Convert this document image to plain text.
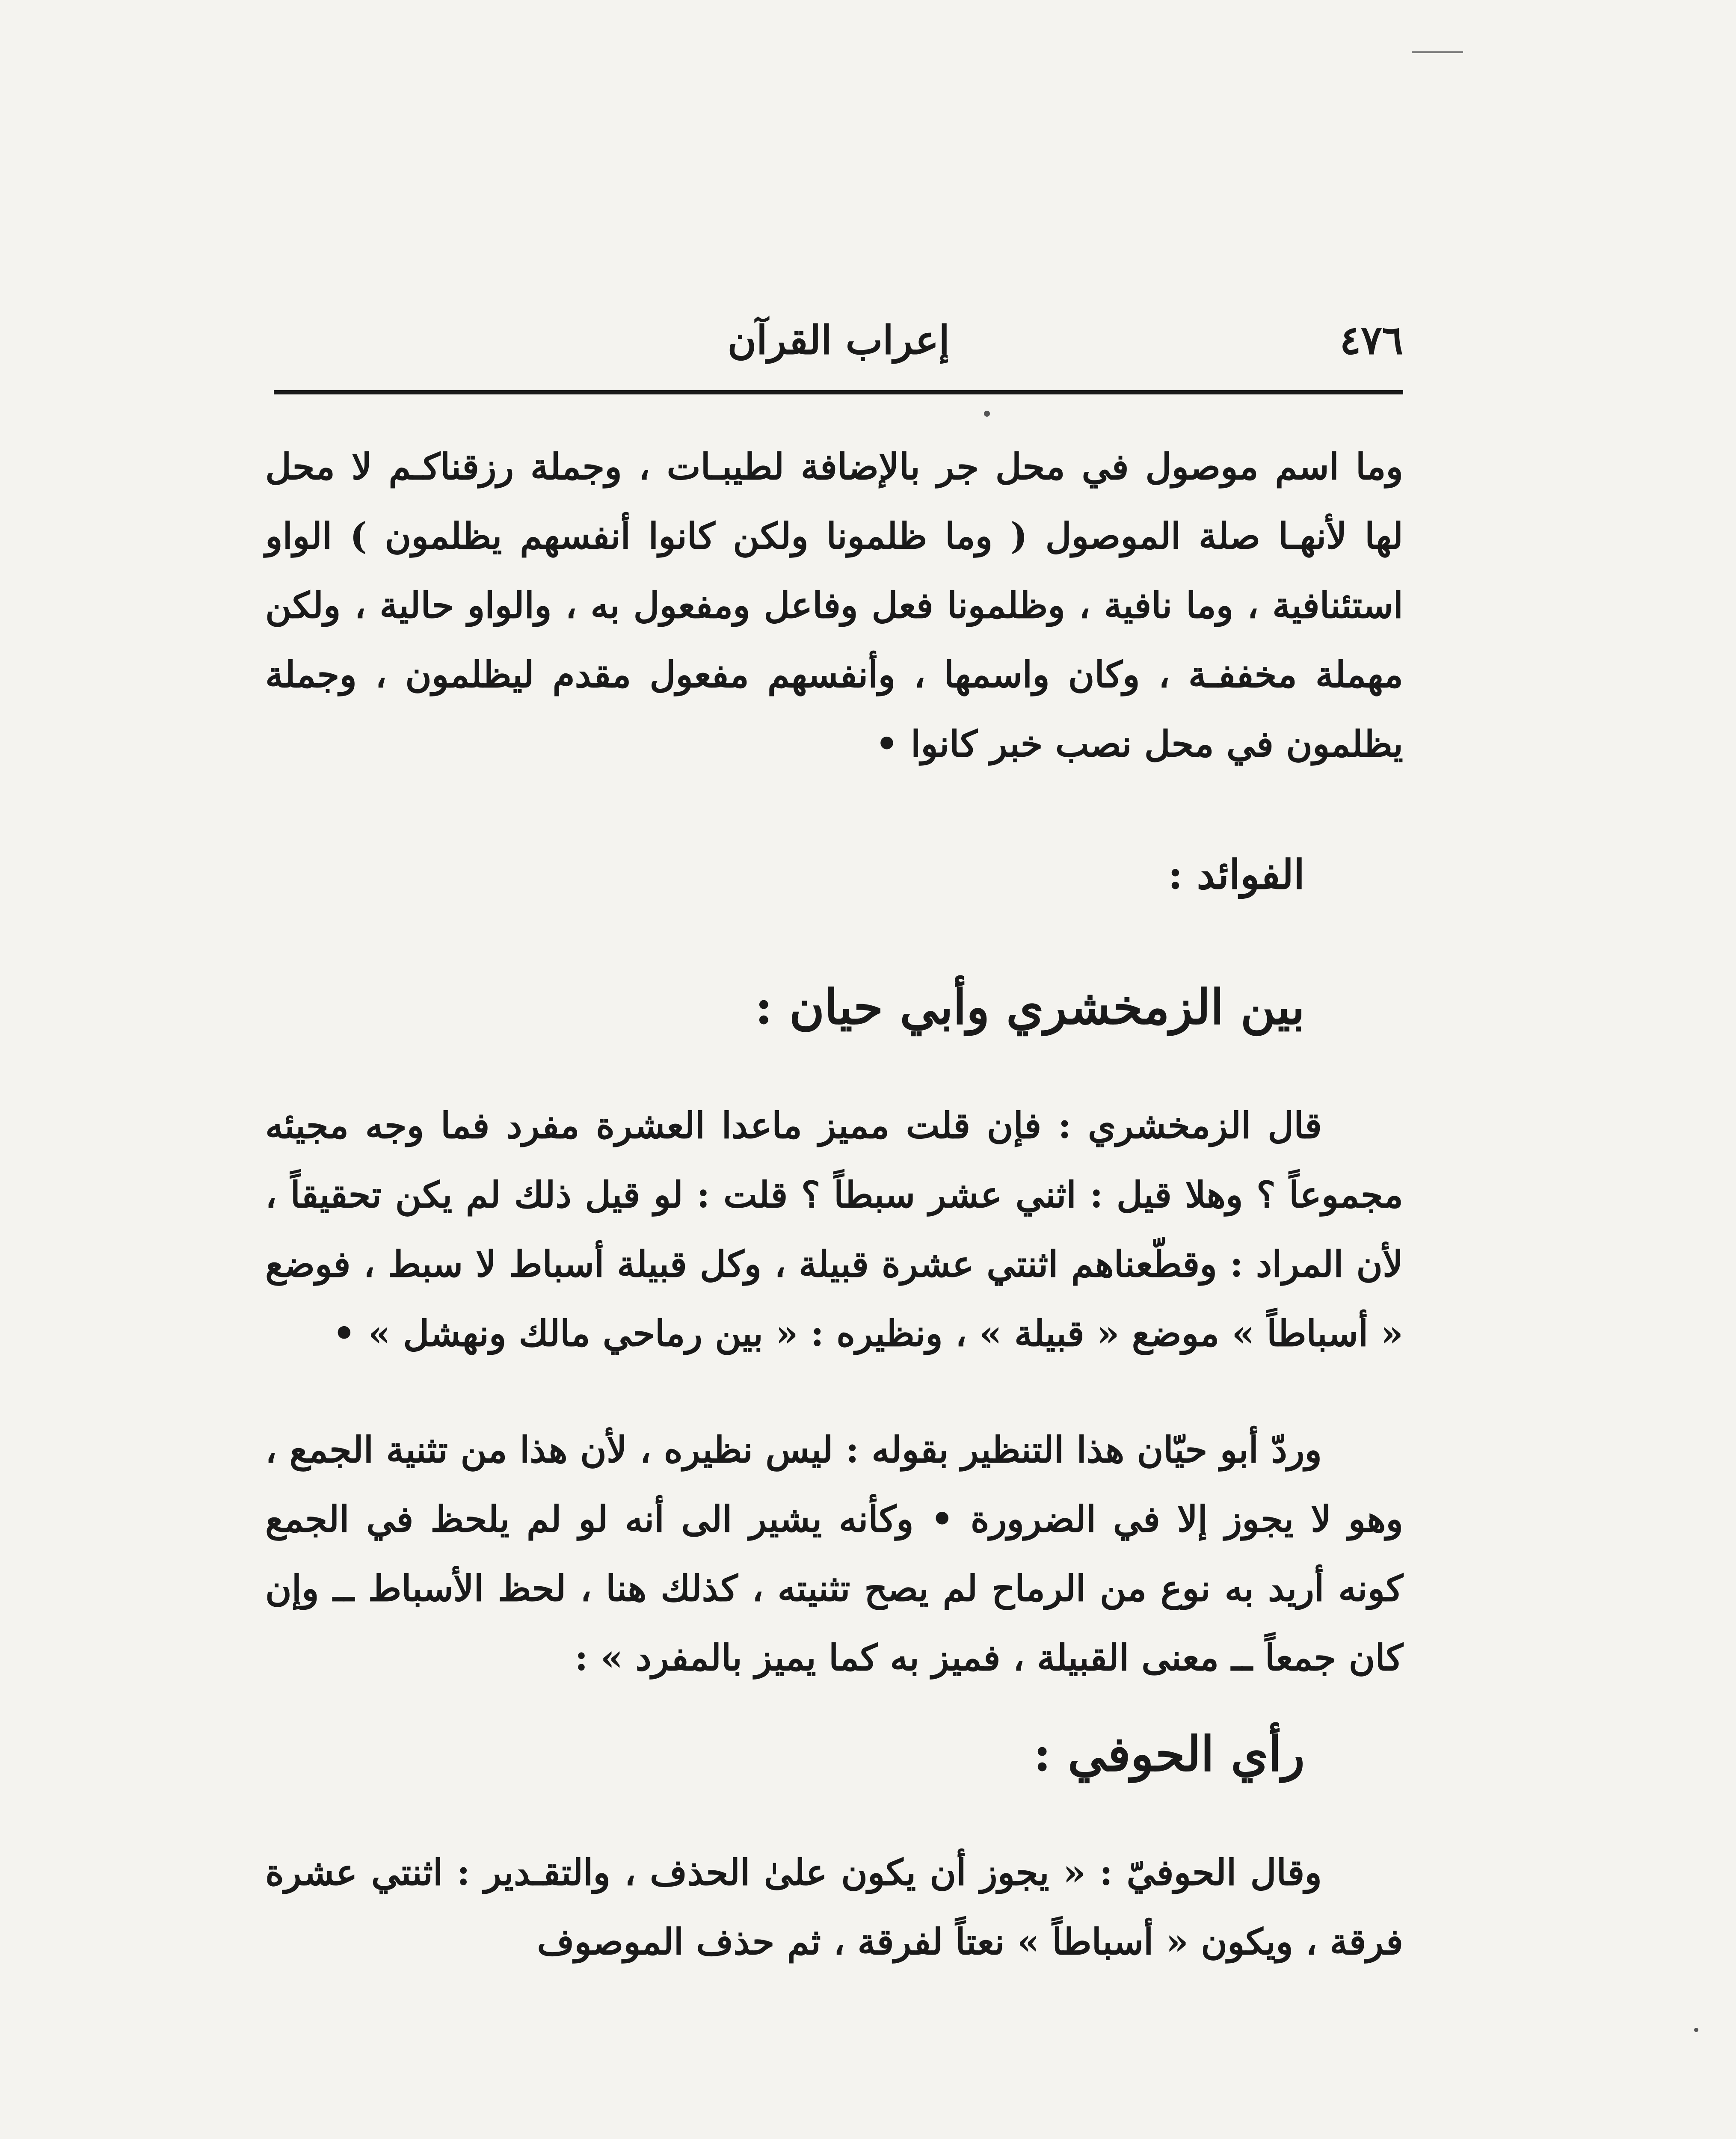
٤٧٦
إعراب القرآن

وما اسم موصول في محل جر بالإضافة لطيبـات ، وجملة رزقناكـم لا محل لها لأنهـا صلة الموصول ( وما ظلمونا ولكن كانوا أنفسهم يظلمون ) الواو استئنافية ، وما نافية ، وظلمونا فعل وفاعل ومفعول به ، والواو حالية ، ولكن مهملة مخففـة ، وكان واسمها ، وأنفسهم مفعول مقدم ليظلمون ، وجملة يظلمون في محل نصب خبر كانوا •

الفوائد :
بين الزمخشري وأبي حيان :

قال الزمخشري : فإن قلت مميز ماعدا العشرة مفرد فما وجه مجيئه مجموعاً ؟ وهلا قيل : اثني عشر سبطاً ؟ قلت : لو قيل ذلك لم يكن تحقيقاً ، لأن المراد : وقطّعناهم اثنتي عشرة قبيلة ، وكل قبيلة أسباط لا سبط ، فوضع « أسباطاً » موضع « قبيلة » ، ونظيره : « بين رماحي مالك ونهشل » •

وردّ أبو حيّان هذا التنظير بقوله : ليس نظيره ، لأن هذا من تثنية الجمع ، وهو لا يجوز إلا في الضرورة • وكأنه يشير الى أنه لو لم يلحظ في الجمع كونه أريد به نوع من الرماح لم يصح تثنيته ، كذلك هنا ، لحظ الأسباط ــ وإن كان جمعاً ــ معنى القبيلة ، فميز به كما يميز بالمفرد » :

رأي الحوفي :

وقال الحوفيّ : « يجوز أن يكون علىٰ الحذف ، والتقـدير : اثنتي عشرة فرقة ، ويكون « أسباطاً » نعتاً لفرقة ، ثم حذف الموصوف
